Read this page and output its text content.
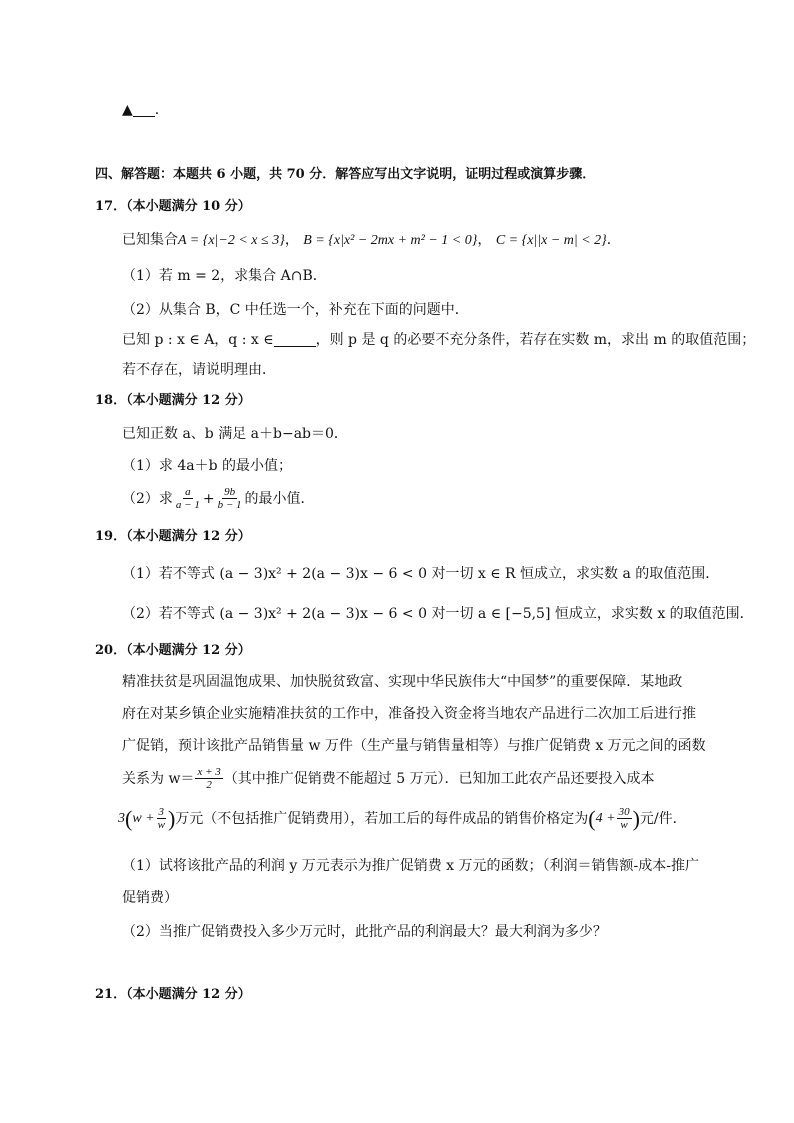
▲ .
四、解答题：本题共 6 小题，共 70 分．解答应写出文字说明，证明过程或演算步骤．
17．（本小题满分 10 分）
已知集合A = {x|−2 < x ≤ 3}， B = {x|x² − 2mx + m² − 1 < 0}， C = {x||x − m| < 2}．
（1）若 m = 2，求集合 A∩B．
（2）从集合 B，C 中任选一个，补充在下面的问题中．
已知 p : x ∈ A，q : x ∈	，则 p 是 q 的必要不充分条件，若存在实数 m，求出 m 的取值范围；
若不存在，请说明理由．
18．（本小题满分 12 分）
已知正数 a、b 满足 a＋b−ab＝0．
（1）求 4a＋b 的最小值；
（2）求 $\frac{a}{a - 1} + \frac{9b}{b - 1}$ 的最小值．
19．（本小题满分 12 分）
（1）若不等式 (a − 3)x² + 2(a − 3)x − 6 < 0 对一切 x ∈ R 恒成立，求实数 a 的取值范围．
（2）若不等式 (a − 3)x² + 2(a − 3)x − 6 < 0 对一切 a ∈ [−5,5] 恒成立，求实数 x 的取值范围．
20．（本小题满分 12 分）
精准扶贫是巩固温饱成果、加快脱贫致富、实现中华民族伟大“中国梦”的重要保障．某地政
府在对某乡镇企业实施精准扶贫的工作中，准备投入资金将当地农产品进行二次加工后进行推
广促销，预计该批产品销售量 w 万件（生产量与销售量相等）与推广促销费 x 万元之间的函数
关系为 $w= \frac{x + 3}{2}$ （其中推广促销费不能超过 5 万元）．已知加工此农产品还要投入成本
3 ( $w + \frac{3}{w}$ ) 万元（不包括推广促销费用），若加工后的每件成品的销售价格定为 ( $4 + \frac{30}{w}$ ) 元/件．
（1）试将该批产品的利润 y 万元表示为推广促销费 x 万元的函数；（利润＝销售额-成本-推广
促销费）
（2）当推广促销费投入多少万元时，此批产品的利润最大？最大利润为多少？
21．（本小题满分 12 分）
